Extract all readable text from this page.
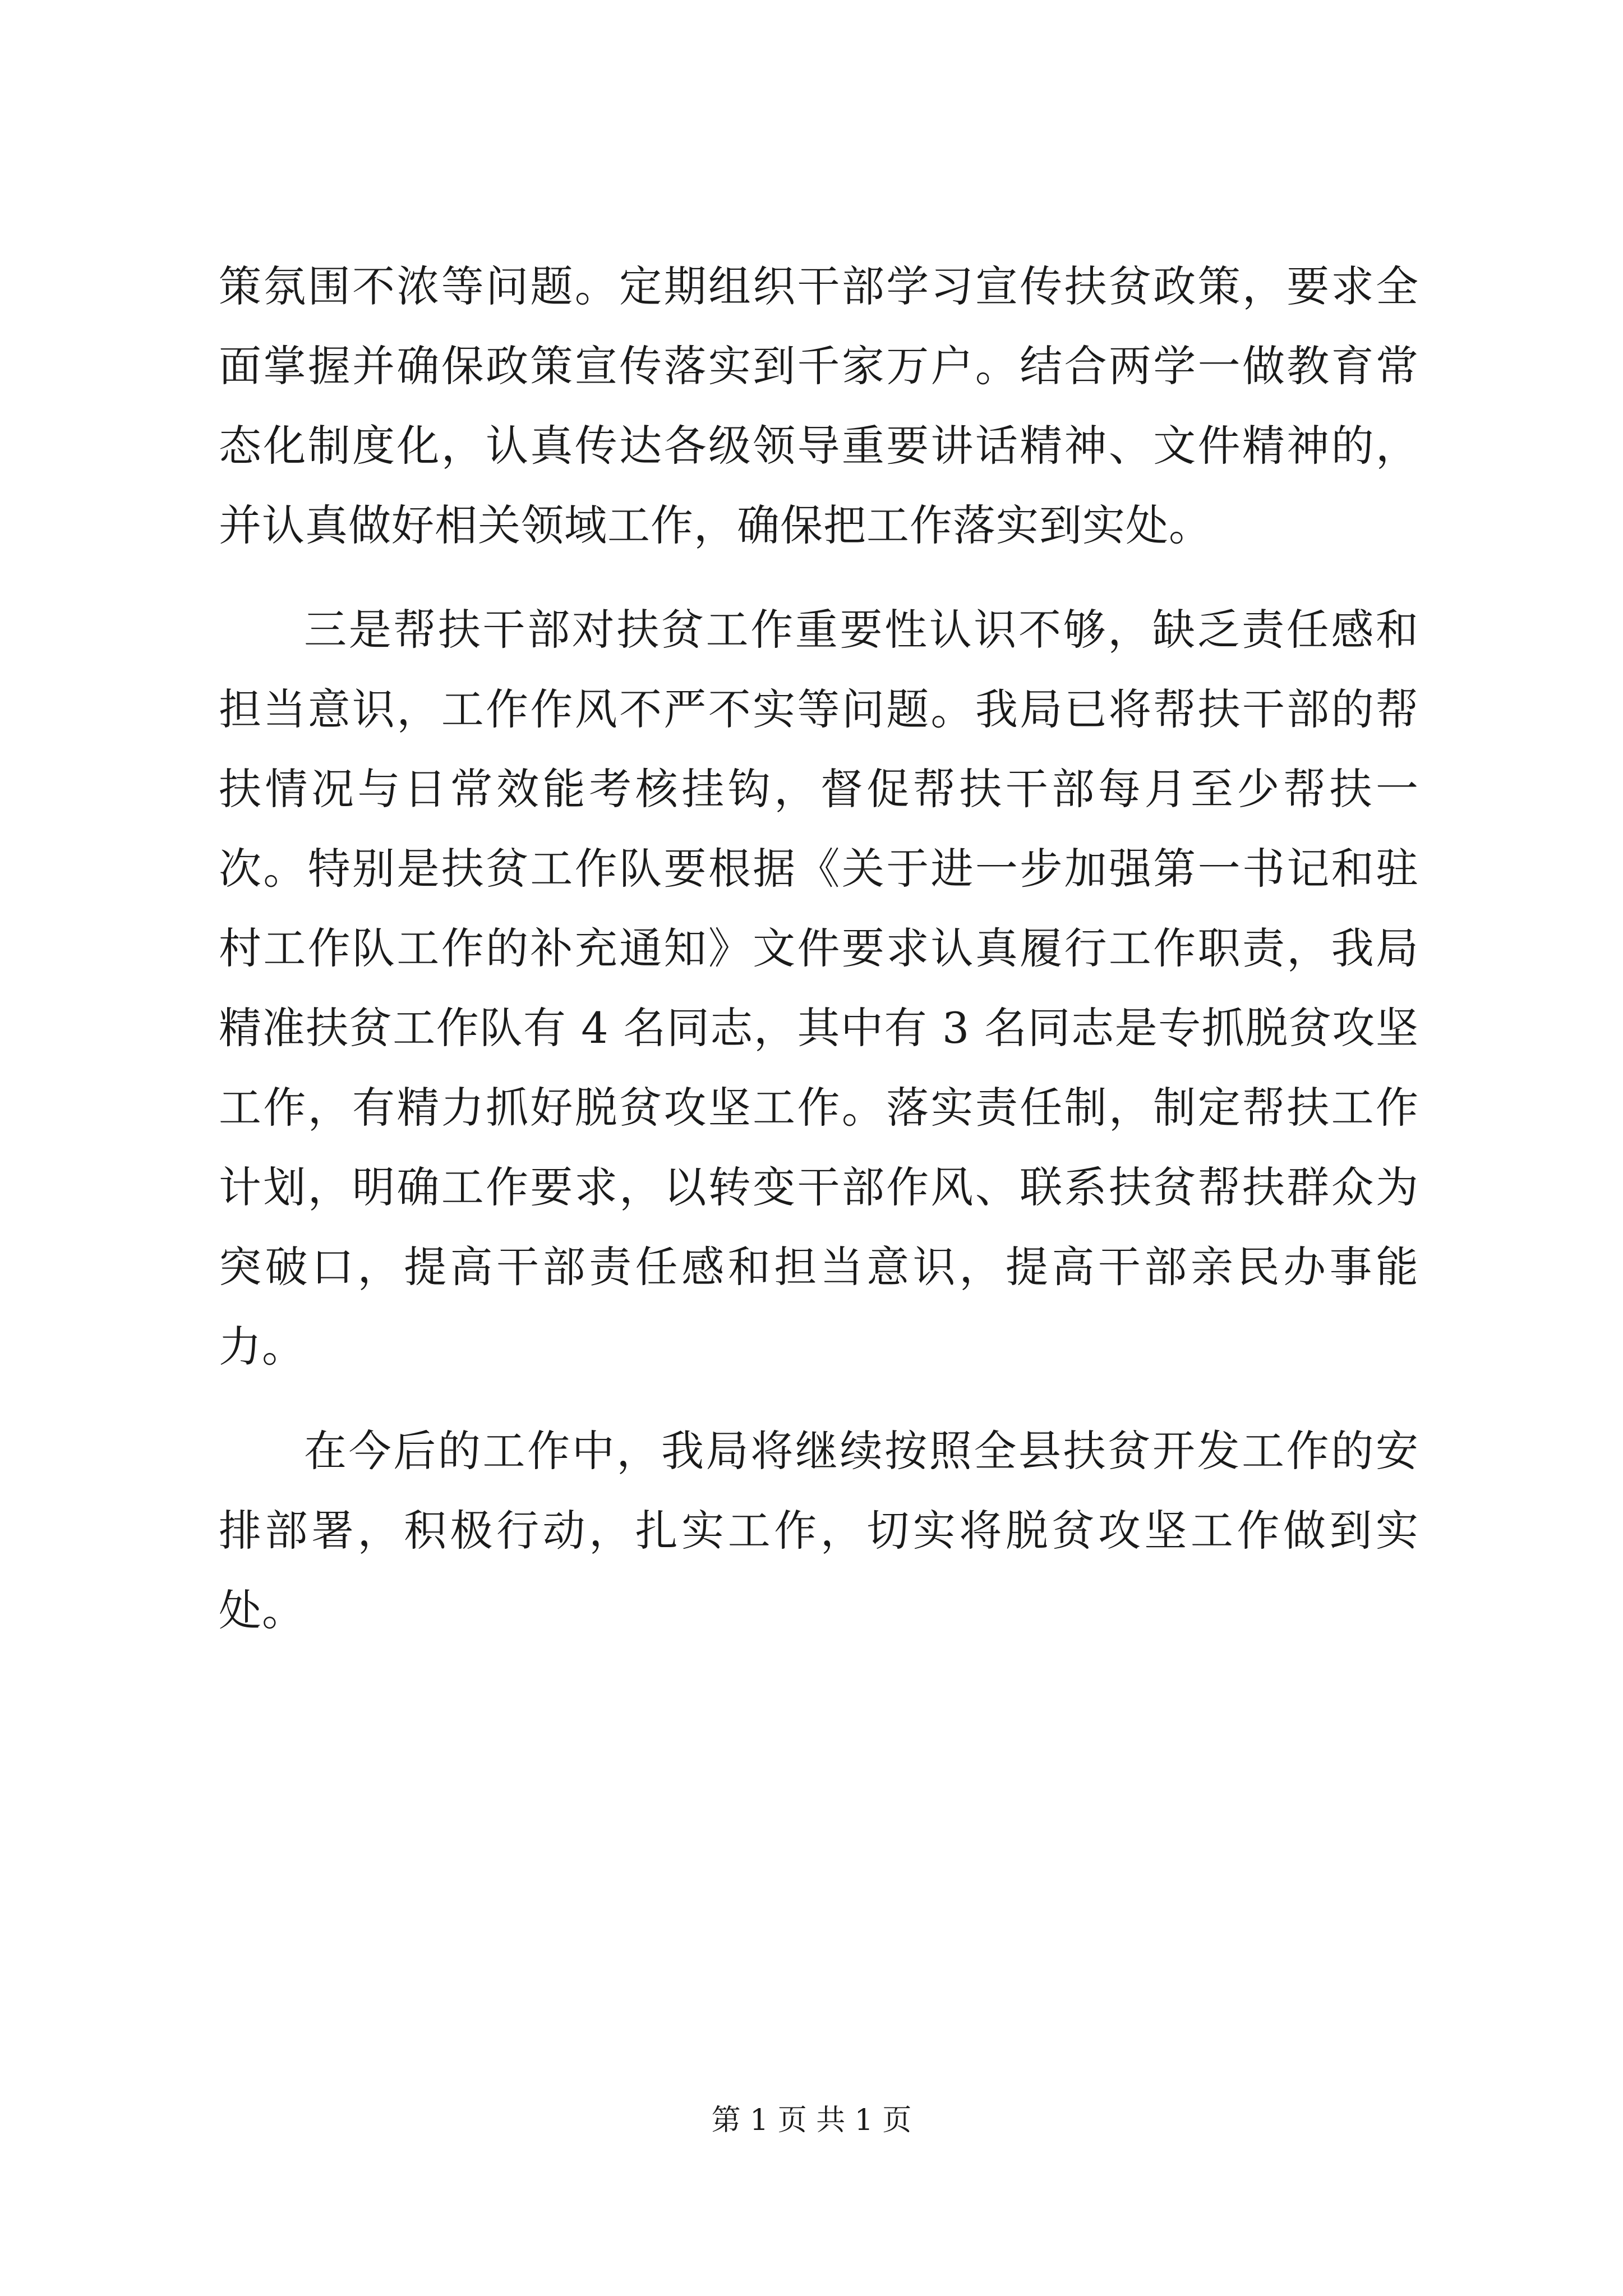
策氛围不浓等问题。定期组织干部学习宣传扶贫政策，要求全面掌握并确保政策宣传落实到千家万户。结合两学一做教育常态化制度化，认真传达各级领导重要讲话精神、文件精神的，并认真做好相关领域工作，确保把工作落实到实处。

三是帮扶干部对扶贫工作重要性认识不够，缺乏责任感和担当意识，工作作风不严不实等问题。我局已将帮扶干部的帮扶情况与日常效能考核挂钩，督促帮扶干部每月至少帮扶一次。特别是扶贫工作队要根据《关于进一步加强第一书记和驻村工作队工作的补充通知》文件要求认真履行工作职责，我局精准扶贫工作队有 4 名同志，其中有 3 名同志是专抓脱贫攻坚工作，有精力抓好脱贫攻坚工作。落实责任制，制定帮扶工作计划，明确工作要求，以转变干部作风、联系扶贫帮扶群众为突破口，提高干部责任感和担当意识，提高干部亲民办事能力。

在今后的工作中，我局将继续按照全县扶贫开发工作的安排部署，积极行动，扎实工作，切实将脱贫攻坚工作做到实处。

第 1 页 共 1 页
